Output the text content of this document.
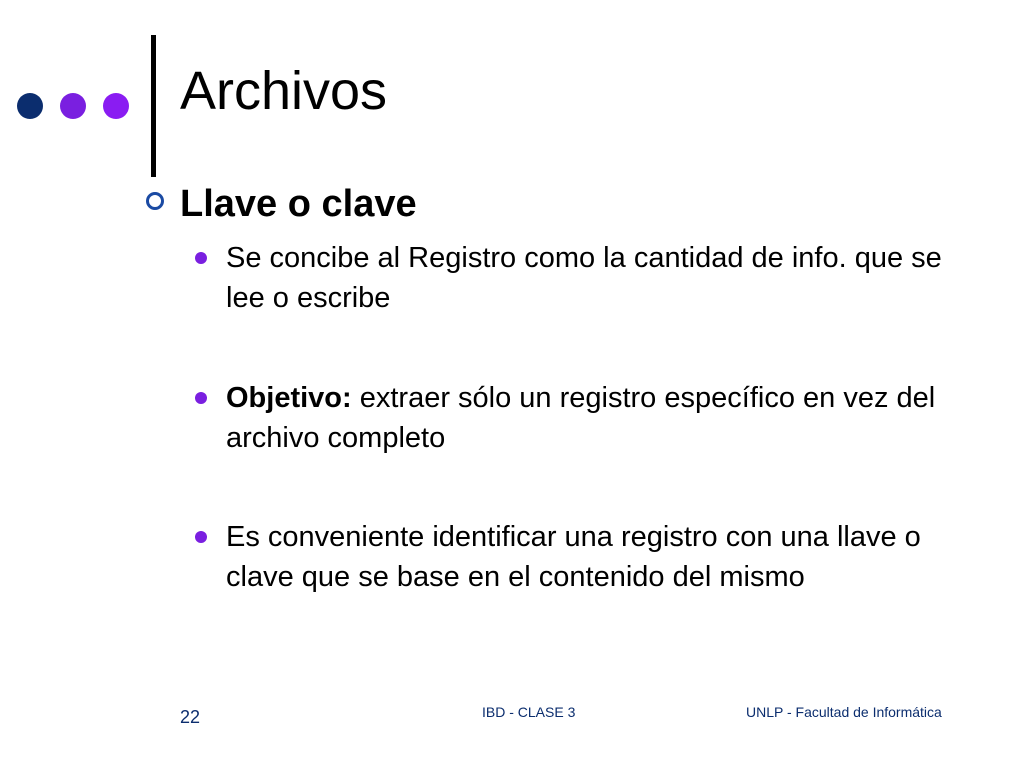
Archivos
Llave o clave
Se concibe al Registro como la cantidad de info. que se lee o escribe
Objetivo: extraer sólo un registro específico en vez del archivo completo
Es conveniente identificar una registro con una llave o clave que se base en el contenido del mismo
22	IBD - CLASE 3	UNLP - Facultad de Informática
